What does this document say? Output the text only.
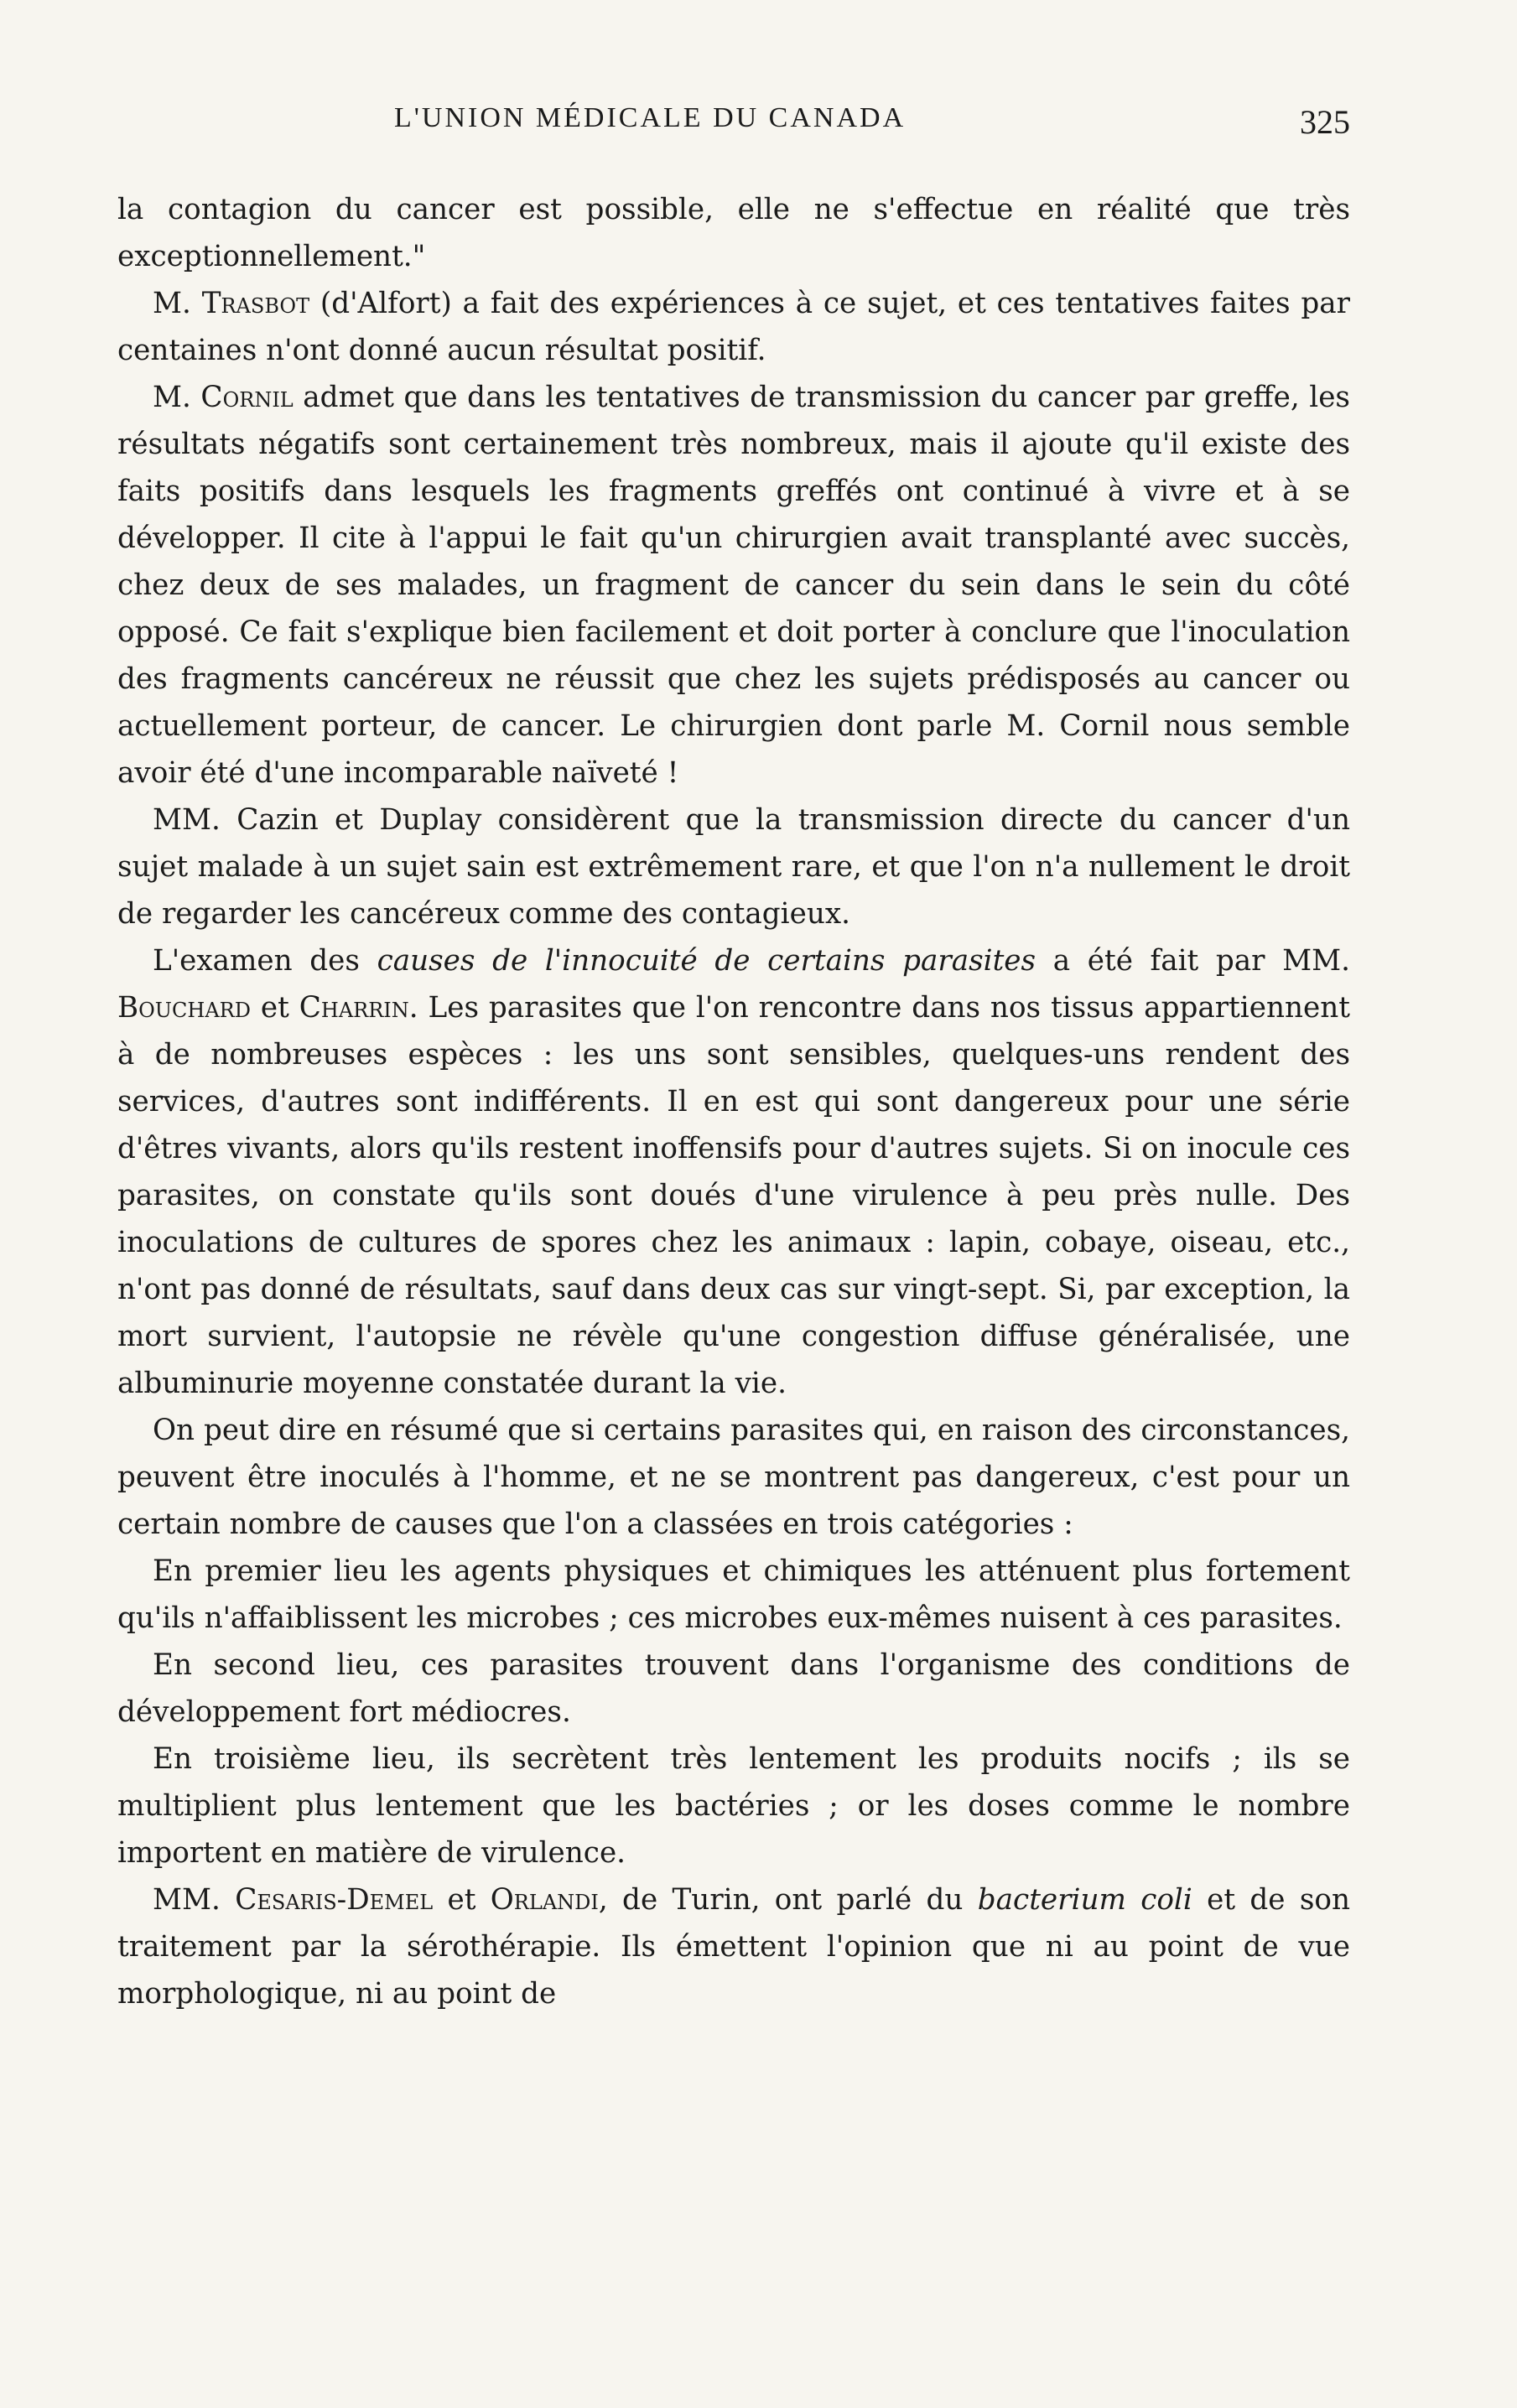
L'UNION MÉDICALE DU CANADA	325

la contagion du cancer est possible, elle ne s'effectue en réalité que très exceptionnellement."

M. Trasbot (d'Alfort) a fait des expériences à ce sujet, et ces tentatives faites par centaines n'ont donné aucun résultat positif.

M. Cornil admet que dans les tentatives de transmission du cancer par greffe, les résultats négatifs sont certainement très nombreux, mais il ajoute qu'il existe des faits positifs dans lesquels les fragments greffés ont continué à vivre et à se développer. Il cite à l'appui le fait qu'un chirurgien avait transplanté avec succès, chez deux de ses malades, un fragment de cancer du sein dans le sein du côté opposé. Ce fait s'explique bien facilement et doit porter à conclure que l'inoculation des fragments cancéreux ne réussit que chez les sujets prédisposés au cancer ou actuellement porteur, de cancer. Le chirurgien dont parle M. Cornil nous semble avoir été d'une incomparable naïveté !

MM. Cazin et Duplay considèrent que la transmission directe du cancer d'un sujet malade à un sujet sain est extrêmement rare, et que l'on n'a nullement le droit de regarder les cancéreux comme des contagieux.

L'examen des causes de l'innocuité de certains parasites a été fait par MM. Bouchard et Charrin. Les parasites que l'on rencontre dans nos tissus appartiennent à de nombreuses espèces : les uns sont sensibles, quelques-uns rendent des services, d'autres sont indifférents. Il en est qui sont dangereux pour une série d'êtres vivants, alors qu'ils restent inoffensifs pour d'autres sujets. Si on inocule ces parasites, on constate qu'ils sont doués d'une virulence à peu près nulle. Des inoculations de cultures de spores chez les animaux : lapin, cobaye, oiseau, etc., n'ont pas donné de résultats, sauf dans deux cas sur vingt-sept. Si, par exception, la mort survient, l'autopsie ne révèle qu'une congestion diffuse généralisée, une albuminurie moyenne constatée durant la vie.

On peut dire en résumé que si certains parasites qui, en raison des circonstances, peuvent être inoculés à l'homme, et ne se montrent pas dangereux, c'est pour un certain nombre de causes que l'on a classées en trois catégories :

En premier lieu les agents physiques et chimiques les atténuent plus fortement qu'ils n'affaiblissent les microbes ; ces microbes eux-mêmes nuisent à ces parasites.

En second lieu, ces parasites trouvent dans l'organisme des conditions de développement fort médiocres.

En troisième lieu, ils secrètent très lentement les produits nocifs ; ils se multiplient plus lentement que les bactéries ; or les doses comme le nombre importent en matière de virulence.

MM. Cesaris-Demel et Orlandi, de Turin, ont parlé du bacterium coli et de son traitement par la sérothérapie. Ils émettent l'opinion que ni au point de vue morphologique, ni au point de
